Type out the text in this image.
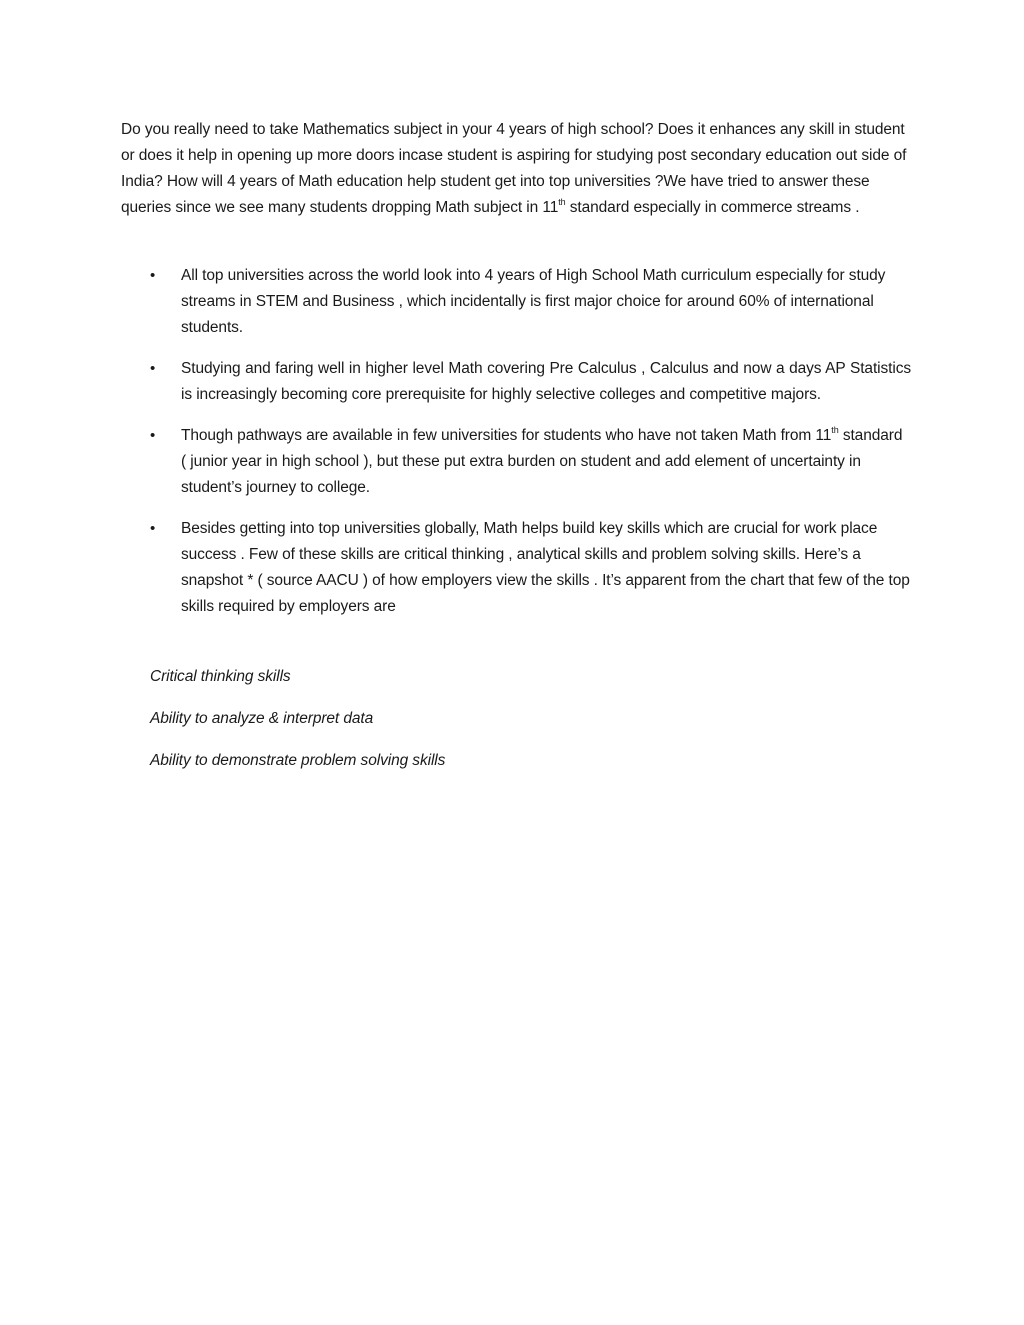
Do you really need to take Mathematics subject in your 4 years of high school? Does it enhances any skill in student or does it help in opening up more doors incase student is aspiring for studying post secondary education out side of India? How will 4 years of Math education help student get into top universities ?We have tried to answer these queries since we see many students dropping Math subject in 11th standard especially in commerce streams .

• All top universities across the world look into 4 years of High School Math curriculum especially for study streams in STEM and Business , which incidentally is first major choice for around 60% of international students.
• Studying and faring well in higher level Math covering Pre Calculus , Calculus and now a days AP Statistics is increasingly becoming core prerequisite for highly selective colleges and competitive majors.
• Though pathways are available in few universities for students who have not taken Math from 11th standard ( junior year in high school ), but these put extra burden on student and add element of uncertainty in student’s journey to college.
• Besides getting into top universities globally, Math helps build key skills which are crucial for work place success . Few of these skills are critical thinking , analytical skills and problem solving skills. Here’s a snapshot * ( source AACU ) of how employers view the skills . It’s apparent from the chart that few of the top skills required by employers are
Critical thinking skills
Ability to analyze & interpret data
Ability to demonstrate problem solving skills
